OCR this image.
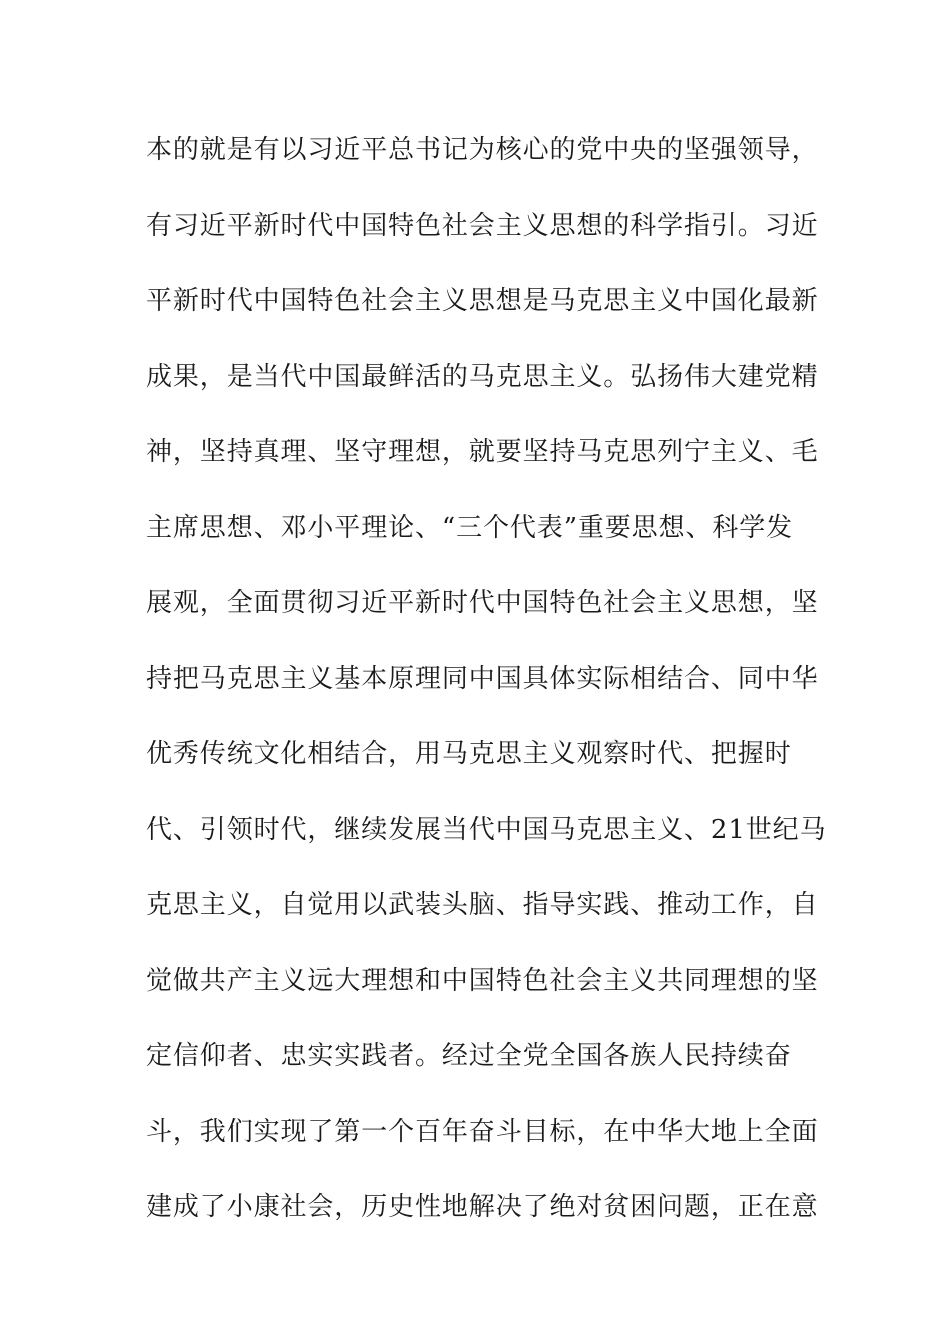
本的就是有以习近平总书记为核心的党中央的坚强领导，
有习近平新时代中国特色社会主义思想的科学指引。习近
平新时代中国特色社会主义思想是马克思主义中国化最新
成果，是当代中国最鲜活的马克思主义。弘扬伟大建党精
神，坚持真理、坚守理想，就要坚持马克思列宁主义、毛
主席思想、邓小平理论、“三个代表”重要思想、科学发
展观，全面贯彻习近平新时代中国特色社会主义思想，坚
持把马克思主义基本原理同中国具体实际相结合、同中华
优秀传统文化相结合，用马克思主义观察时代、把握时
代、引领时代，继续发展当代中国马克思主义、21世纪马
克思主义，自觉用以武装头脑、指导实践、推动工作，自
觉做共产主义远大理想和中国特色社会主义共同理想的坚
定信仰者、忠实实践者。经过全党全国各族人民持续奋
斗，我们实现了第一个百年奋斗目标，在中华大地上全面
建成了小康社会，历史性地解决了绝对贫困问题，正在意
